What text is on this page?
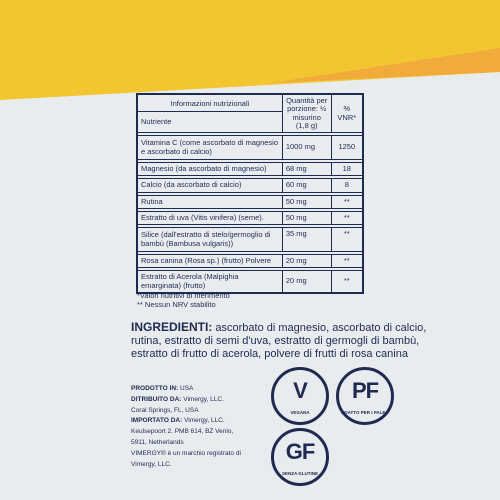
Informazioni nutrizionali	Quantità per porzione: ½ misurino (1,8 g)	% VNR*
Nutriente		

Vitamina C (come ascorbato di magnesio e ascorbato di calcio)	1000 mg	1250

Magnesio (da ascorbato di magnesio)	68 mg	18

Calcio (da ascorbato di calcio)	60 mg	8

Rutina	50 mg	**

Estratto di uva (Vitis vinifera) (seme).	50 mg	**

Silice (dall'estratto di stelo/germoglio di bambù (Bambusa vulgaris))	35 mg	**

Rosa canina (Rosa sp.) (frutto) Polvere	20 mg	**

Estratto di Acerola (Malpighia emarginata) (frutto)	20 mg	**
*Valori nutritivi di riferimento
** Nessun NRV stabilito
INGREDIENTI: ascorbato di magnesio, ascorbato di calcio, rutina, estratto di semi d'uva, estratto di germogli di bambù, estratto di frutto di acerola, polvere di frutti di rosa canina
PRODOTTO IN: USA
DITRIBUITO DA: Vimergy, LLC.
Coral Springs, FL, USA
IMPORTATO DA: Vimergy, LLC.
Keulsepoort 2, PMB 614, BZ Venlo,
5911, Netherlands
VIMERGY® è un marchio registrato di
Vimergy, LLC.
V
VEGANA
PF
ADATTO PER I PALEO
GF
SENZA GLUTINE
